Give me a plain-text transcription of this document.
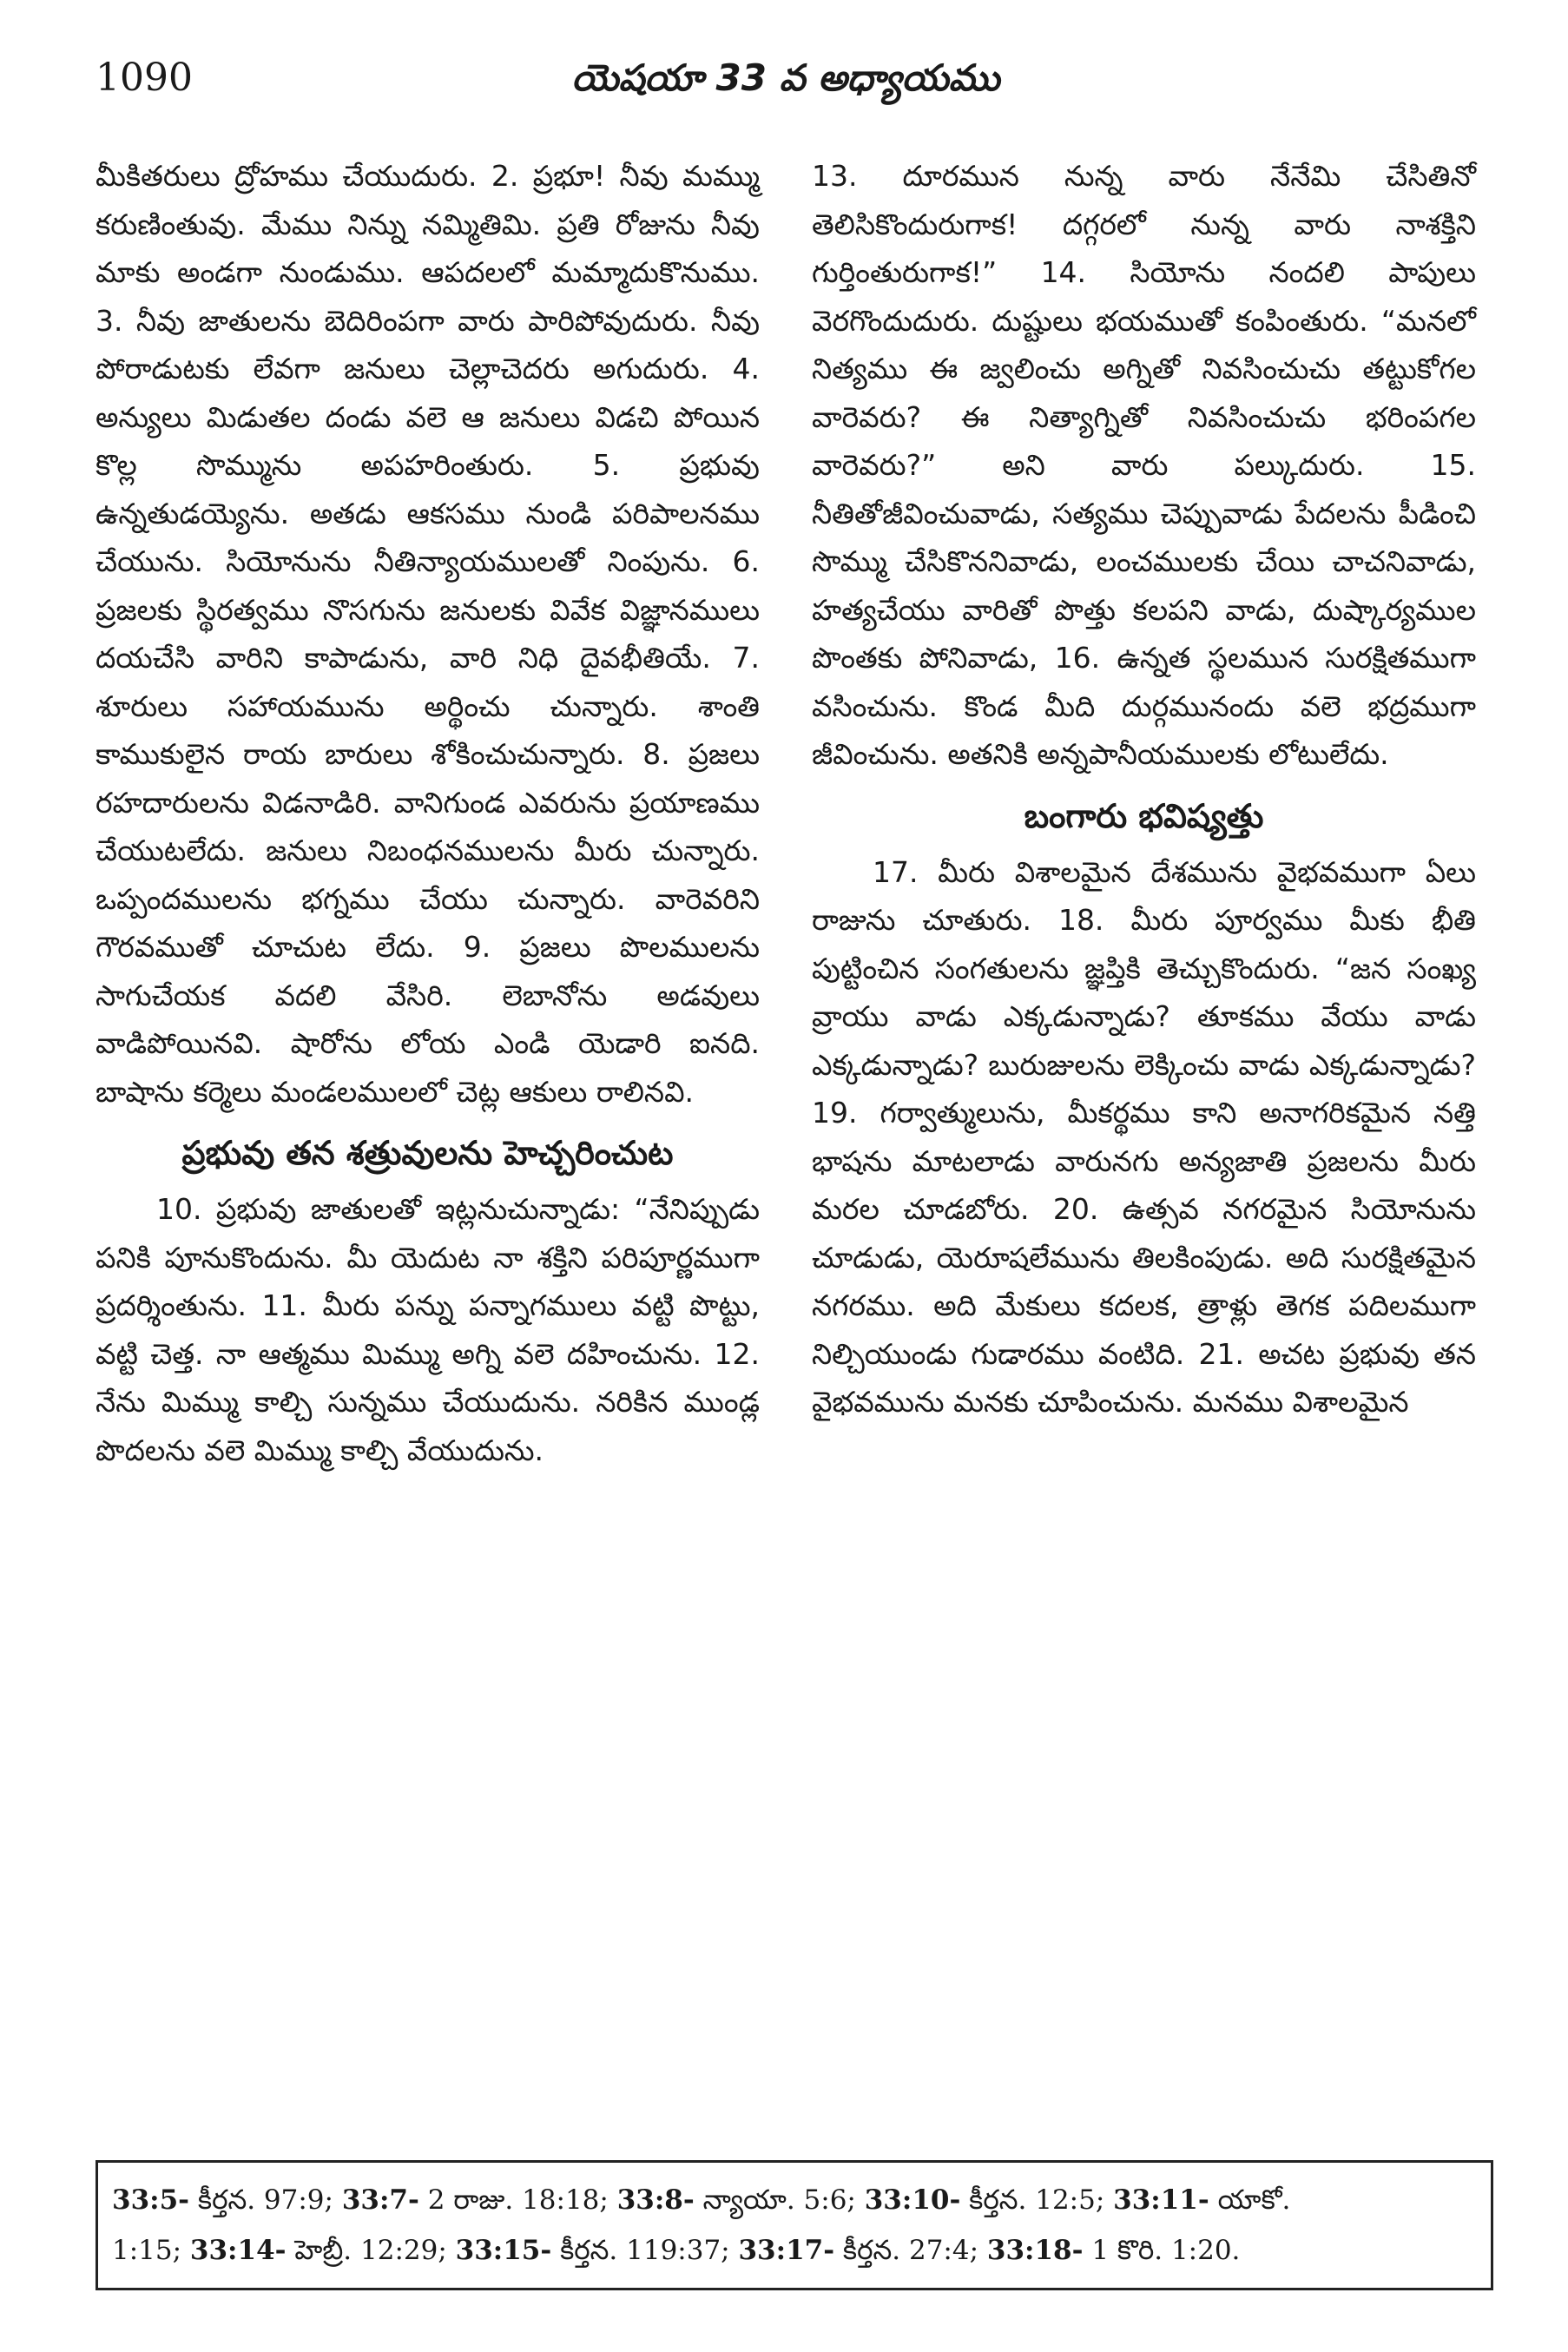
1090	యెషయా 33 వ అధ్యాయము

మీకితరులు ద్రోహము చేయుదురు. 2. ప్రభూ! నీవు మమ్ము కరుణింతువు. మేము నిన్ను నమ్మితిమి. ప్రతి రోజును నీవు మాకు అండగా నుండుము. ఆపదలలో మమ్మాదుకొనుము. 3. నీవు జాతులను బెదిరింపగా వారు పారిపోవుదురు. నీవు పోరాడుటకు లేవగా జనులు చెల్లాచెదరు అగుదురు. 4. అన్యులు మిడుతల దండు వలె ఆ జనులు విడచి పోయిన కొల్ల సొమ్మును అపహరింతురు. 5. ప్రభువు ఉన్నతుడయ్యెను. అతడు ఆకసము నుండి పరిపాలనము చేయును. సియోనును నీతిన్యాయములతో నింపును. 6. ప్రజలకు స్థిరత్వము నొసగును జనులకు వివేక విజ్ఞానములు దయచేసి వారిని కాపాడును, వారి నిధి దైవభీతియే. 7. శూరులు సహాయమును అర్థించు చున్నారు. శాంతి కాముకులైన రాయ బారులు శోకించుచున్నారు. 8. ప్రజలు రహదారులను విడనాడిరి. వానిగుండ ఎవరును ప్రయాణము చేయుటలేదు. జనులు నిబంధనములను మీరు చున్నారు. ఒప్పందములను భగ్నము చేయు చున్నారు. వారెవరిని గౌరవముతో చూచుట లేదు. 9. ప్రజలు పొలములను సాగుచేయక వదలి వేసిరి. లెబానోను అడవులు వాడిపోయినవి. షారోను లోయ ఎండి యెడారి ఐనది. బాషాను కర్మెలు మండలములలో చెట్ల ఆకులు రాలినవి.

ప్రభువు తన శత్రువులను హెచ్చరించుట

10. ప్రభువు జాతులతో ఇట్లనుచున్నాడు: “నేనిప్పుడు పనికి పూనుకొందును. మీ యెదుట నా శక్తిని పరిపూర్ణముగా ప్రదర్శింతును. 11. మీరు పన్ను పన్నాగములు వట్టి పొట్టు, వట్టి చెత్త. నా ఆత్మము మిమ్ము అగ్ని వలె దహించును. 12. నేను మిమ్ము కాల్చి సున్నము చేయుదును. నరికిన ముండ్ల పొదలను వలె మిమ్ము కాల్చి వేయుదును.

13. దూరమున నున్న వారు నేనేమి చేసితినో తెలిసికొందురుగాక! దగ్గరలో నున్న వారు నాశక్తిని గుర్తింతురుగాక!” 14. సియోను నందలి పాపులు వెరగొందుదురు. దుష్టులు భయముతో కంపింతురు. “మనలో నిత్యము ఈ జ్వలించు అగ్నితో నివసించుచు తట్టుకోగల వారెవరు? ఈ నిత్యాగ్నితో నివసించుచు భరింపగల వారెవరు?” అని వారు పల్కుదురు. 15. నీతితోజీవించువాడు, సత్యము చెప్పువాడు పేదలను పీడించి సొమ్ము చేసికొననివాడు, లంచములకు చేయి చాచనివాడు, హత్యచేయు వారితో పొత్తు కలపని వాడు, దుష్కార్యముల పొంతకు పోనివాడు, 16. ఉన్నత స్థలమున సురక్షితముగా వసించును. కొండ మీది దుర్గమునందు వలె భద్రముగా జీవించును. అతనికి అన్నపానీయములకు లోటులేదు.

బంగారు భవిష్యత్తు

17. మీరు విశాలమైన దేశమును వైభవముగా ఏలు రాజును చూతురు. 18. మీరు పూర్వము మీకు భీతి పుట్టించిన సంగతులను జ్ఞప్తికి తెచ్చుకొందురు. “జన సంఖ్య వ్రాయు వాడు ఎక్కడున్నాడు? తూకము వేయు వాడు ఎక్కడున్నాడు? బురుజులను లెక్కించు వాడు ఎక్కడున్నాడు? 19. గర్వాత్ములును, మీకర్థము కాని అనాగరికమైన నత్తి భాషను మాటలాడు వారునగు అన్యజాతి ప్రజలను మీరు మరల చూడబోరు. 20. ఉత్సవ నగరమైన సియోనును చూడుడు, యెరూషలేమును తిలకింపుడు. అది సురక్షితమైన నగరము. అది మేకులు కదలక, త్రాళ్లు తెగక పదిలముగా నిల్చియుండు గుడారము వంటిది. 21. అచట ప్రభువు తన వైభవమును మనకు చూపించును. మనము విశాలమైన

33:5- కీర్తన. 97:9; 33:7- 2 రాజు. 18:18; 33:8- న్యాయా. 5:6; 33:10- కీర్తన. 12:5; 33:11- యాకో.
1:15; 33:14- హెబ్రీ. 12:29; 33:15- కీర్తన. 119:37; 33:17- కీర్తన. 27:4; 33:18- 1 కొరి. 1:20.
